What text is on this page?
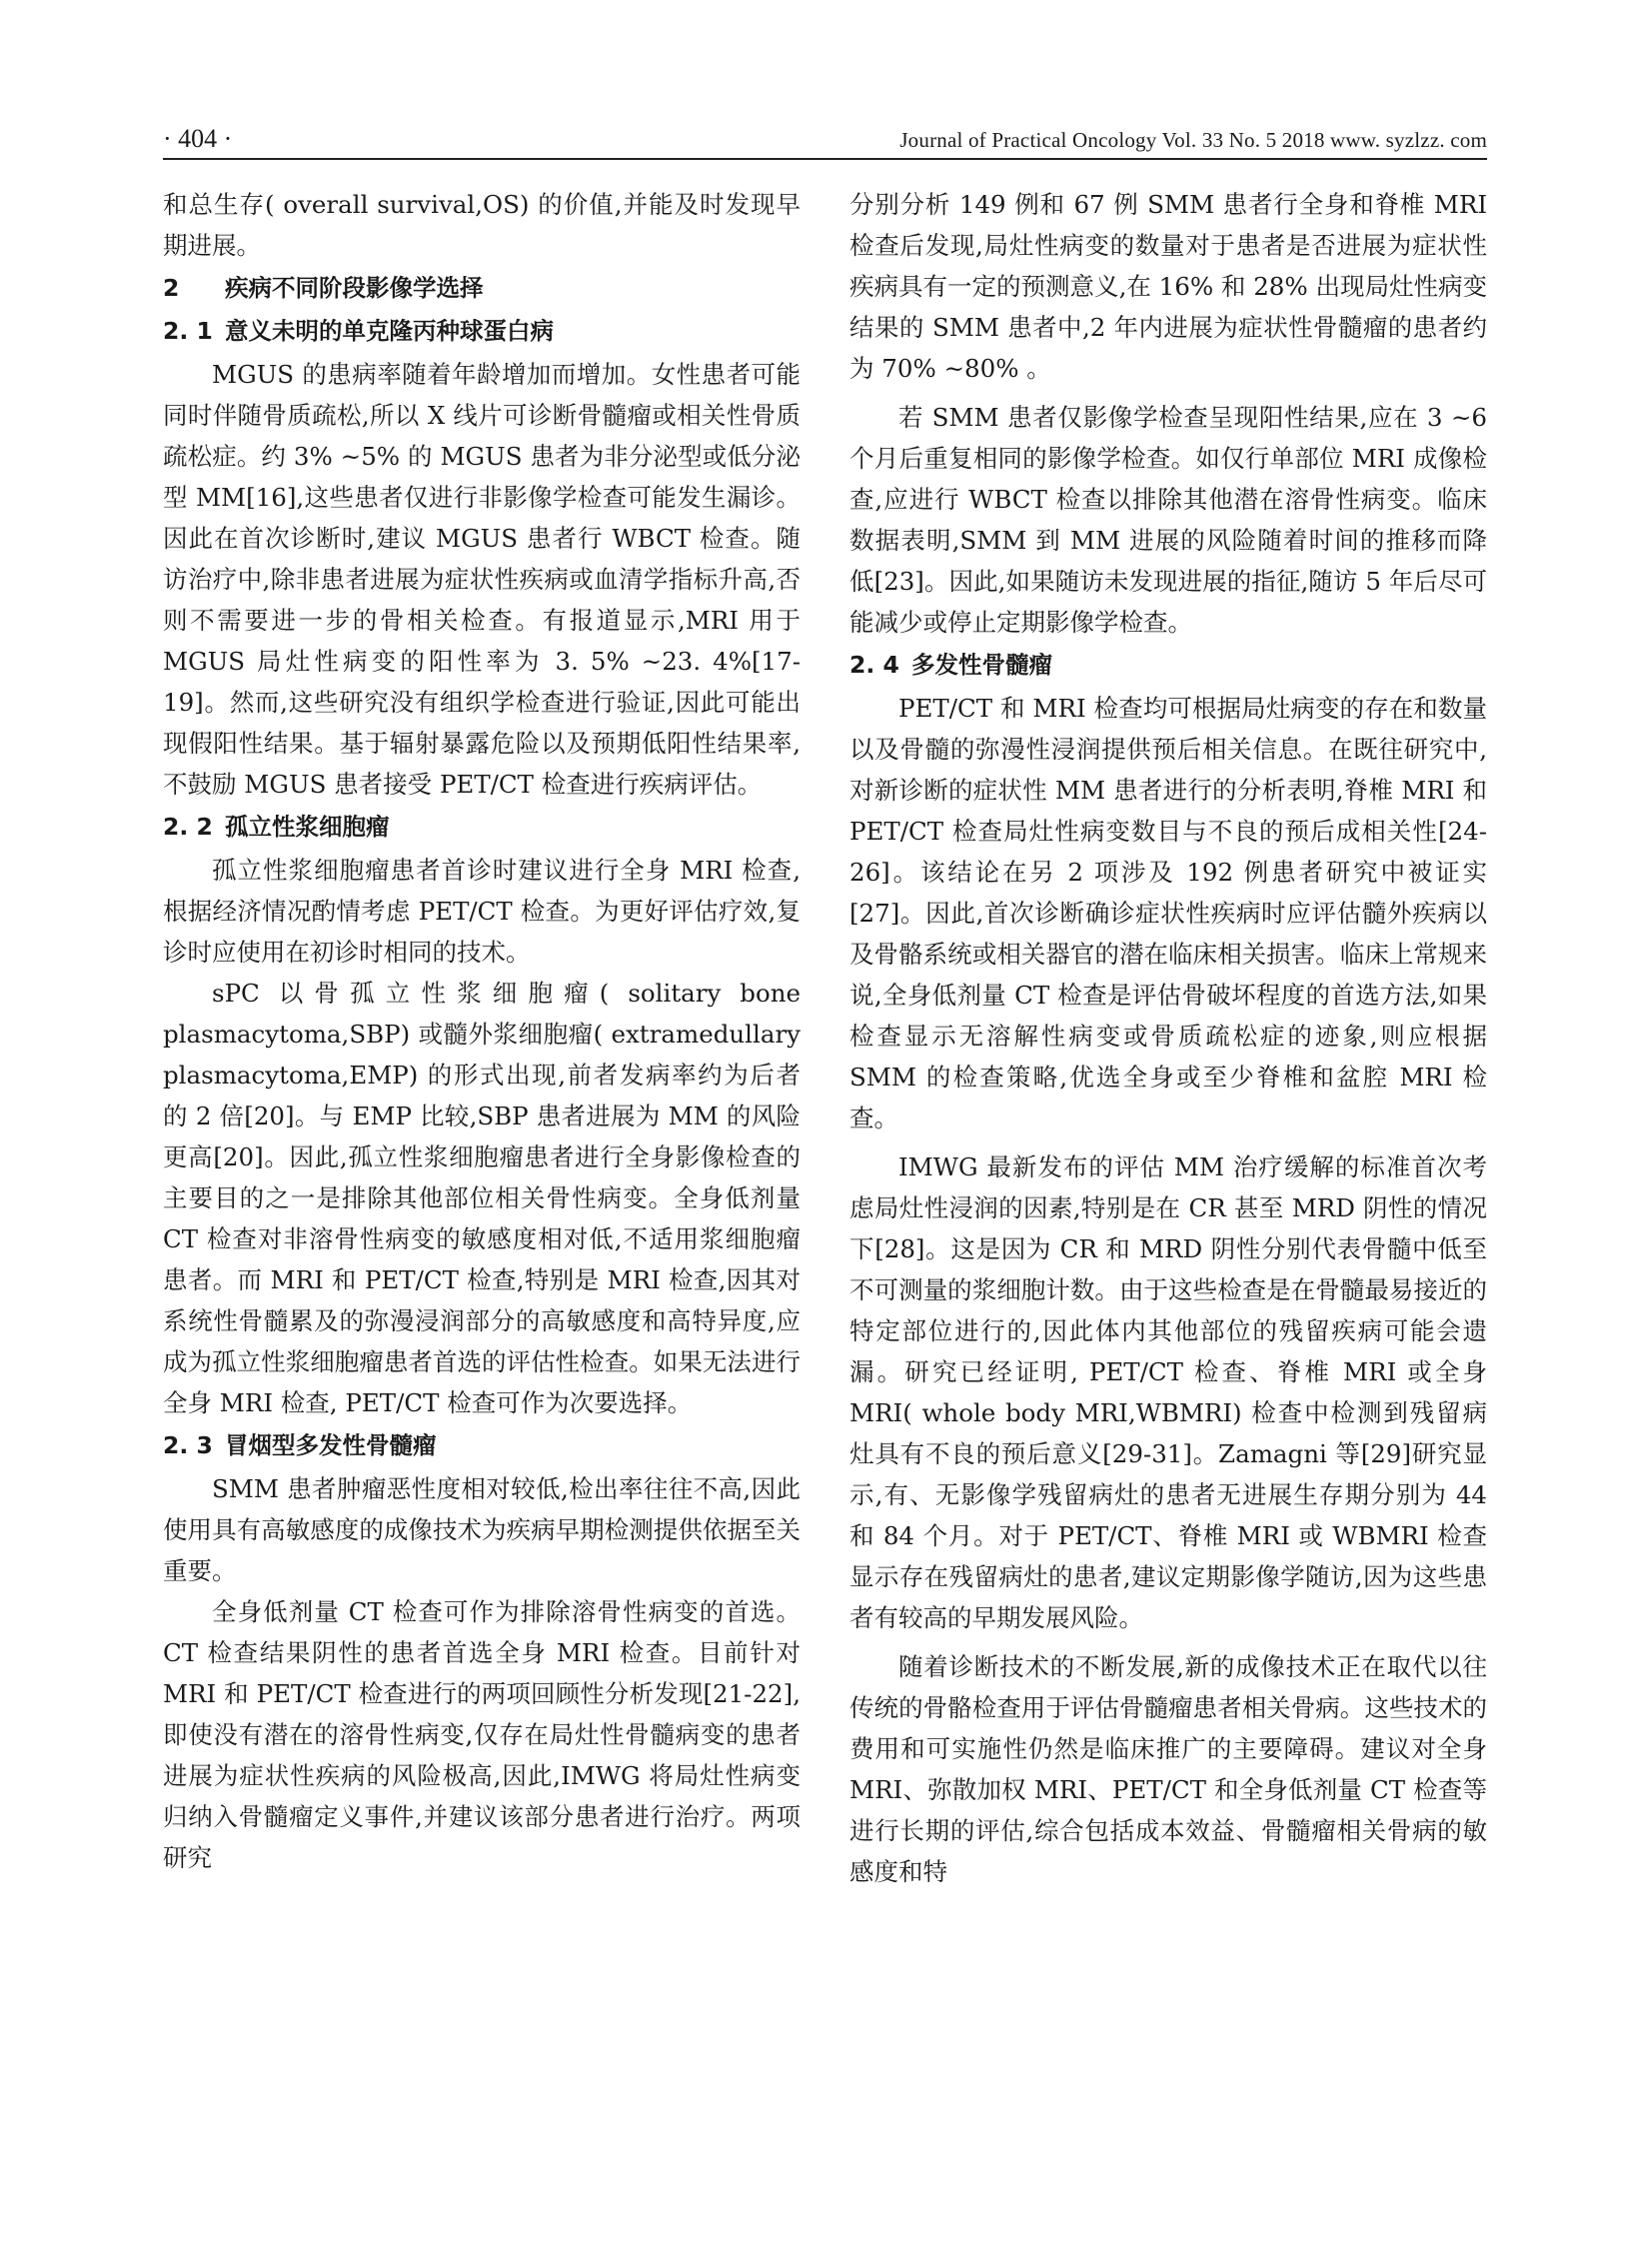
· 404 ·	Journal of Practical Oncology Vol. 33 No. 5 2018 www. syzlzz. com

和总生存( overall survival,OS) 的价值,并能及时发现早期进展。

2 疾病不同阶段影像学选择
2. 1 意义未明的单克隆丙种球蛋白病

MGUS 的患病率随着年龄增加而增加。女性患者可能同时伴随骨质疏松,所以 X 线片可诊断骨髓瘤或相关性骨质疏松症。约 3% ~5% 的 MGUS 患者为非分泌型或低分泌型 MM[16],这些患者仅进行非影像学检查可能发生漏诊。因此在首次诊断时,建议 MGUS 患者行 WBCT 检查。随访治疗中,除非患者进展为症状性疾病或血清学指标升高,否则不需要进一步的骨相关检查。有报道显示,MRI 用于 MGUS 局灶性病变的阳性率为 3. 5% ~23. 4%[17-19]。然而,这些研究没有组织学检查进行验证,因此可能出现假阳性结果。基于辐射暴露危险以及预期低阳性结果率,不鼓励 MGUS 患者接受 PET/CT 检查进行疾病评估。

2. 2 孤立性浆细胞瘤

孤立性浆细胞瘤患者首诊时建议进行全身 MRI 检查,根据经济情况酌情考虑 PET/CT 检查。为更好评估疗效,复诊时应使用在初诊时相同的技术。

sPC 以骨孤立性浆细胞瘤( solitary bone plasmacytoma,SBP) 或髓外浆细胞瘤( extramedullary plasmacytoma,EMP) 的形式出现,前者发病率约为后者的 2 倍[20]。与 EMP 比较,SBP 患者进展为 MM 的风险更高[20]。因此,孤立性浆细胞瘤患者进行全身影像检查的主要目的之一是排除其他部位相关骨性病变。全身低剂量 CT 检查对非溶骨性病变的敏感度相对低,不适用浆细胞瘤患者。而 MRI 和 PET/CT 检查,特别是 MRI 检查,因其对系统性骨髓累及的弥漫浸润部分的高敏感度和高特异度,应成为孤立性浆细胞瘤患者首选的评估性检查。如果无法进行全身 MRI 检查, PET/CT 检查可作为次要选择。

2. 3 冒烟型多发性骨髓瘤

SMM 患者肿瘤恶性度相对较低,检出率往往不高,因此使用具有高敏感度的成像技术为疾病早期检测提供依据至关重要。

全身低剂量 CT 检查可作为排除溶骨性病变的首选。CT 检查结果阴性的患者首选全身 MRI 检查。目前针对 MRI 和 PET/CT 检查进行的两项回顾性分析发现[21-22],即使没有潜在的溶骨性病变,仅存在局灶性骨髓病变的患者进展为症状性疾病的风险极高,因此,IMWG 将局灶性病变归纳入骨髓瘤定义事件,并建议该部分患者进行治疗。两项研究

分别分析 149 例和 67 例 SMM 患者行全身和脊椎 MRI 检查后发现,局灶性病变的数量对于患者是否进展为症状性疾病具有一定的预测意义,在 16% 和 28% 出现局灶性病变结果的 SMM 患者中,2 年内进展为症状性骨髓瘤的患者约为 70% ~80% 。

若 SMM 患者仅影像学检查呈现阳性结果,应在 3 ~6 个月后重复相同的影像学检查。如仅行单部位 MRI 成像检查,应进行 WBCT 检查以排除其他潜在溶骨性病变。临床数据表明,SMM 到 MM 进展的风险随着时间的推移而降低[23]。因此,如果随访未发现进展的指征,随访 5 年后尽可能减少或停止定期影像学检查。

2. 4 多发性骨髓瘤

PET/CT 和 MRI 检查均可根据局灶病变的存在和数量以及骨髓的弥漫性浸润提供预后相关信息。在既往研究中,对新诊断的症状性 MM 患者进行的分析表明,脊椎 MRI 和 PET/CT 检查局灶性病变数目与不良的预后成相关性[24-26]。该结论在另 2 项涉及 192 例患者研究中被证实[27]。因此,首次诊断确诊症状性疾病时应评估髓外疾病以及骨骼系统或相关器官的潜在临床相关损害。临床上常规来说,全身低剂量 CT 检查是评估骨破坏程度的首选方法,如果检查显示无溶解性病变或骨质疏松症的迹象,则应根据 SMM 的检查策略,优选全身或至少脊椎和盆腔 MRI 检查。

IMWG 最新发布的评估 MM 治疗缓解的标准首次考虑局灶性浸润的因素,特别是在 CR 甚至 MRD 阴性的情况下[28]。这是因为 CR 和 MRD 阴性分别代表骨髓中低至不可测量的浆细胞计数。由于这些检查是在骨髓最易接近的特定部位进行的,因此体内其他部位的残留疾病可能会遗漏。研究已经证明, PET/CT 检查、脊椎 MRI 或全身 MRI( whole body MRI,WBMRI) 检查中检测到残留病灶具有不良的预后意义[29-31]。Zamagni 等[29]研究显示,有、无影像学残留病灶的患者无进展生存期分别为 44 和 84 个月。对于 PET/CT、脊椎 MRI 或 WBMRI 检查显示存在残留病灶的患者,建议定期影像学随访,因为这些患者有较高的早期发展风险。

随着诊断技术的不断发展,新的成像技术正在取代以往传统的骨骼检查用于评估骨髓瘤患者相关骨病。这些技术的费用和可实施性仍然是临床推广的主要障碍。建议对全身 MRI、弥散加权 MRI、PET/CT 和全身低剂量 CT 检查等进行长期的评估,综合包括成本效益、骨髓瘤相关骨病的敏感度和特
